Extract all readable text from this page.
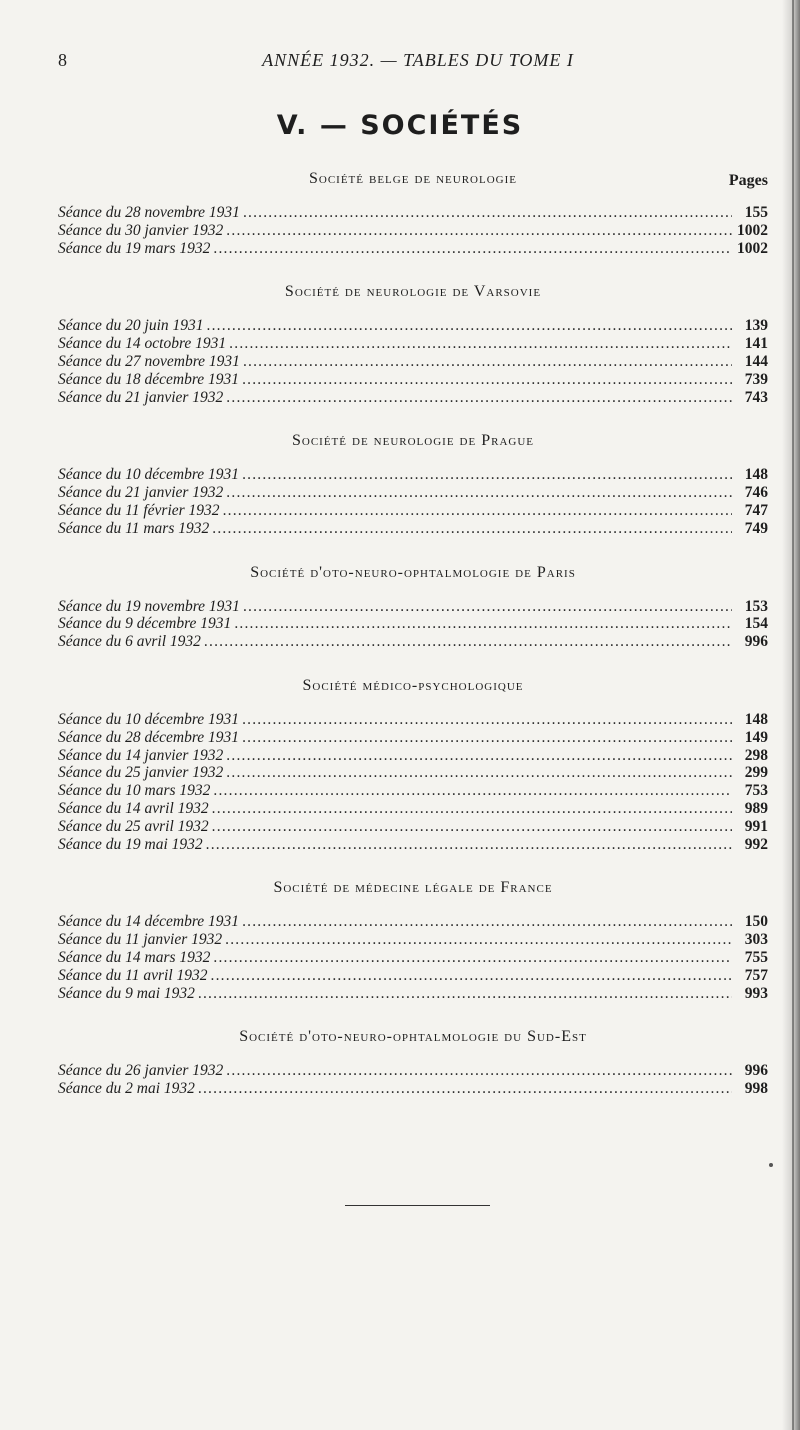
8	ANNÉE 1932. — TABLES DU TOME I
V. — SOCIÉTÉS
Pages
Société belge de neurologie
Séance du 28 novembre 1931 .....	155
Séance du 30 janvier 1932 .....	1002
Séance du 19 mars 1932 .....	1002
Société de neurologie de Varsovie
Séance du 20 juin 1931 .....	139
Séance du 14 octobre 1931 .....	141
Séance du 27 novembre 1931 .....	144
Séance du 18 décembre 1931 .....	739
Séance du 21 janvier 1932 .....	743
Société de neurologie de Prague
Séance du 10 décembre 1931 .....	148
Séance du 21 janvier 1932 .....	746
Séance du 11 février 1932 .....	747
Séance du 11 mars 1932 .....	749
Société d'oto-neuro-ophtalmologie de Paris
Séance du 19 novembre 1931 .....	153
Séance du 9 décembre 1931 .....	154
Séance du 6 avril 1932 .....	996
Société médico-psychologique
Séance du 10 décembre 1931 .....	148
Séance du 28 décembre 1931 .....	149
Séance du 14 janvier 1932 .....	298
Séance du 25 janvier 1932 .....	299
Séance du 10 mars 1932 .....	753
Séance du 14 avril 1932 .....	989
Séance du 25 avril 1932 .....	991
Séance du 19 mai 1932 .....	992
Société de médecine légale de France
Séance du 14 décembre 1931 .....	150
Séance du 11 janvier 1932 .....	303
Séance du 14 mars 1932 .....	755
Séance du 11 avril 1932 .....	757
Séance du 9 mai 1932 .....	993
Société d'oto-neuro-ophtalmologie du Sud-Est
Séance du 26 janvier 1932 .....	996
Séance du 2 mai 1932 .....	998
